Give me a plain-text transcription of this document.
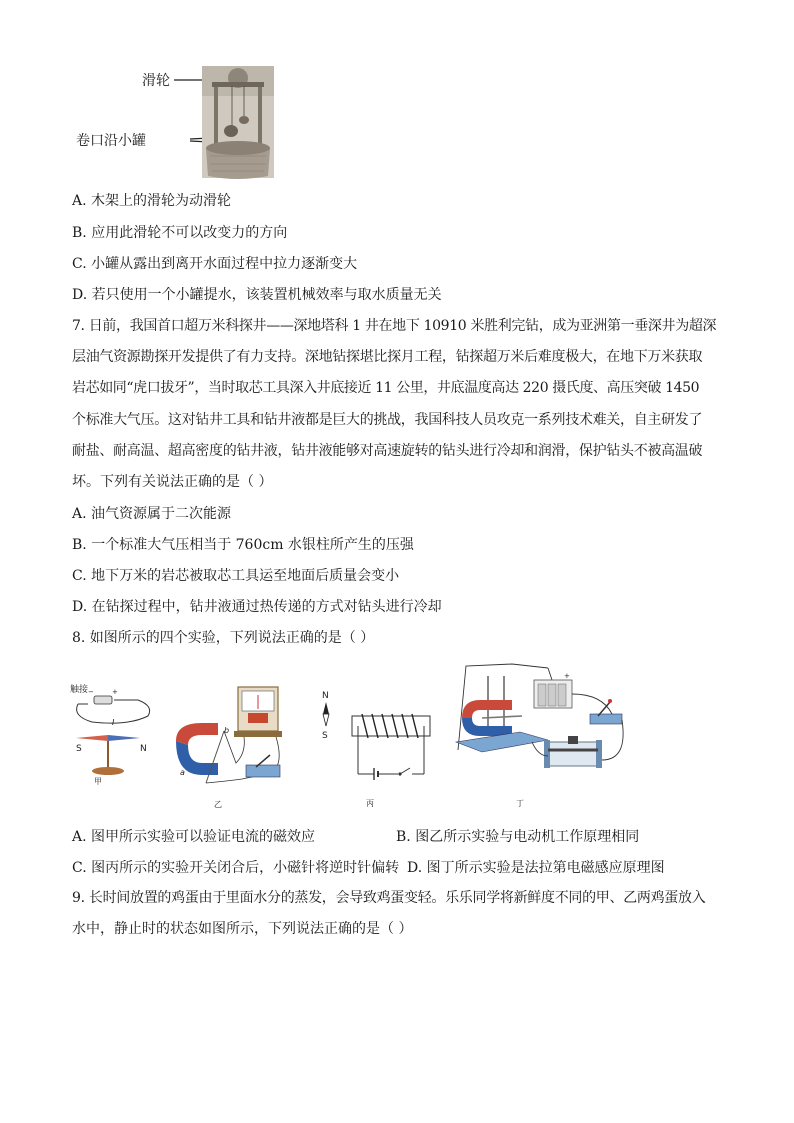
滑轮
卷口沿小罐
A. 木架上的滑轮为动滑轮
B. 应用此滑轮不可以改变力的方向
C. 小罐从露出到离开水面过程中拉力逐渐变大
D. 若只使用一个小罐提水，该装置机械效率与取水质量无关
7. 日前，我国首口超万米科探井——深地塔科 1 井在地下 10910 米胜利完钻，成为亚洲第一垂深井为超深
层油气资源勘探开发提供了有力支持。深地钻探堪比探月工程，钻探超万米后难度极大，在地下万米获取
岩芯如同“虎口拔牙”，当时取芯工具深入井底接近 11 公里，井底温度高达 220 摄氏度、高压突破 1450
个标准大气压。这对钻井工具和钻井液都是巨大的挑战，我国科技人员攻克一系列技术难关，自主研发了
耐盐、耐高温、超高密度的钻井液，钻井液能够对高速旋转的钻头进行冷却和润滑，保护钻头不被高温破
坏。下列有关说法正确的是（ ）
A. 油气资源属于二次能源
B. 一个标准大气压相当于 760cm 水银柱所产生的压强
C. 地下万米的岩芯被取芯工具运至地面后质量会变小
D. 在钻探过程中，钻井液通过热传递的方式对钻头进行冷却
8. 如图所示的四个实验，下列说法正确的是（ ）
触接	+
−
I
S	N
甲
b
a
乙
N
S
丙
+
丁
A. 图甲所示实验可以验证电流的磁效应	B. 图乙所示实验与电动机工作原理相同
C. 图丙所示的实验开关闭合后，小磁针将逆时针偏转 D. 图丁所示实验是法拉第电磁感应原理图
9. 长时间放置的鸡蛋由于里面水分的蒸发，会导致鸡蛋变轻。乐乐同学将新鲜度不同的甲、乙两鸡蛋放入
水中，静止时的状态如图所示，下列说法正确的是（ ）
